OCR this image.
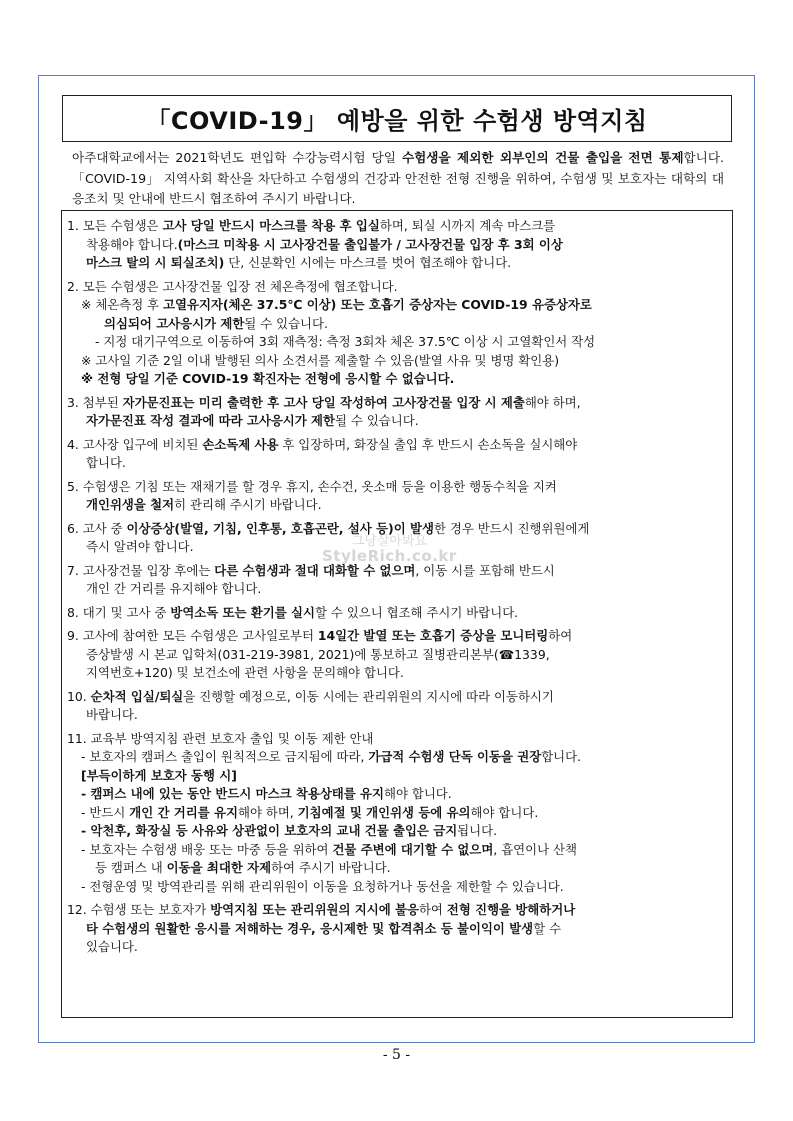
「COVID-19」 예방을 위한 수험생 방역지침
아주대학교에서는 2021학년도 편입학 수강능력시험 당일 수험생을 제외한 외부인의 건물 출입을 전면 통제합니다.「COVID-19」 지역사회 확산을 차단하고 수험생의 건강과 안전한 전형 진행을 위하여, 수험생 및 보호자는 대학의 대응조치 및 안내에 반드시 협조하여 주시기 바랍니다.
1. 모든 수험생은 고사 당일 반드시 마스크를 착용 후 입실하며, 퇴실 시까지 계속 마스크를
착용해야 합니다.(마스크 미착용 시 고사장건물 출입불가 / 고사장건물 입장 후 3회 이상
마스크 탈의 시 퇴실조치) 단, 신분확인 시에는 마스크를 벗어 협조해야 합니다.
2. 모든 수험생은 고사장건물 입장 전 체온측정에 협조합니다.
※ 체온측정 후 고열유지자(체온 37.5℃ 이상) 또는 호흡기 증상자는 COVID-19 유증상자로
의심되어 고사응시가 제한될 수 있습니다.
- 지정 대기구역으로 이동하여 3회 재측정: 측정 3회차 체온 37.5℃ 이상 시 고열확인서 작성
※ 고사일 기준 2일 이내 발행된 의사 소견서를 제출할 수 있음(발열 사유 및 병명 확인용)
※ 전형 당일 기준 COVID-19 확진자는 전형에 응시할 수 없습니다.
3. 첨부된 자가문진표는 미리 출력한 후 고사 당일 작성하여 고사장건물 입장 시 제출해야 하며,
자가문진표 작성 결과에 따라 고사응시가 제한될 수 있습니다.
4. 고사장 입구에 비치된 손소독제 사용 후 입장하며, 화장실 출입 후 반드시 손소독을 실시해야
합니다.
5. 수험생은 기침 또는 재채기를 할 경우 휴지, 손수건, 옷소매 등을 이용한 행동수칙을 지켜
개인위생을 철저히 관리해 주시기 바랍니다.
6. 고사 중 이상증상(발열, 기침, 인후통, 호흡곤란, 설사 등)이 발생한 경우 반드시 진행위원에게
즉시 알려야 합니다.
7. 고사장건물 입장 후에는 다른 수험생과 절대 대화할 수 없으며, 이동 시를 포함해 반드시
개인 간 거리를 유지해야 합니다.
8. 대기 및 고사 중 방역소독 또는 환기를 실시할 수 있으니 협조해 주시기 바랍니다.
9. 고사에 참여한 모든 수험생은 고사일로부터 14일간 발열 또는 호흡기 증상을 모니터링하여
증상발생 시 본교 입학처(031-219-3981, 2021)에 통보하고 질병관리본부(☎1339,
지역번호+120) 및 보건소에 관련 사항을 문의해야 합니다.
10. 순차적 입실/퇴실을 진행할 예정으로, 이동 시에는 관리위원의 지시에 따라 이동하시기
바랍니다.
11. 교육부 방역지침 관련 보호자 출입 및 이동 제한 안내
- 보호자의 캠퍼스 출입이 원칙적으로 금지됨에 따라, 가급적 수험생 단독 이동을 권장합니다.
[부득이하게 보호자 동행 시]
- 캠퍼스 내에 있는 동안 반드시 마스크 착용상태를 유지해야 합니다.
- 반드시 개인 간 거리를 유지해야 하며, 기침예절 및 개인위생 등에 유의해야 합니다.
- 악천후, 화장실 등 사유와 상관없이 보호자의 교내 건물 출입은 금지됩니다.
- 보호자는 수험생 배웅 또는 마중 등을 위하여 건물 주변에 대기할 수 없으며, 흡연이나 산책
등 캠퍼스 내 이동을 최대한 자제하여 주시기 바랍니다.
- 전형운영 및 방역관리를 위해 관리위원이 이동을 요청하거나 동선을 제한할 수 있습니다.
12. 수험생 또는 보호자가 방역지침 또는 관리위원의 지시에 불응하여 전형 진행을 방해하거나
타 수험생의 원활한 응시를 저해하는 경우, 응시제한 및 합격취소 등 불이익이 발생할 수
있습니다.
그냥살아봐요
StyleRich.co.kr
- 5 -
